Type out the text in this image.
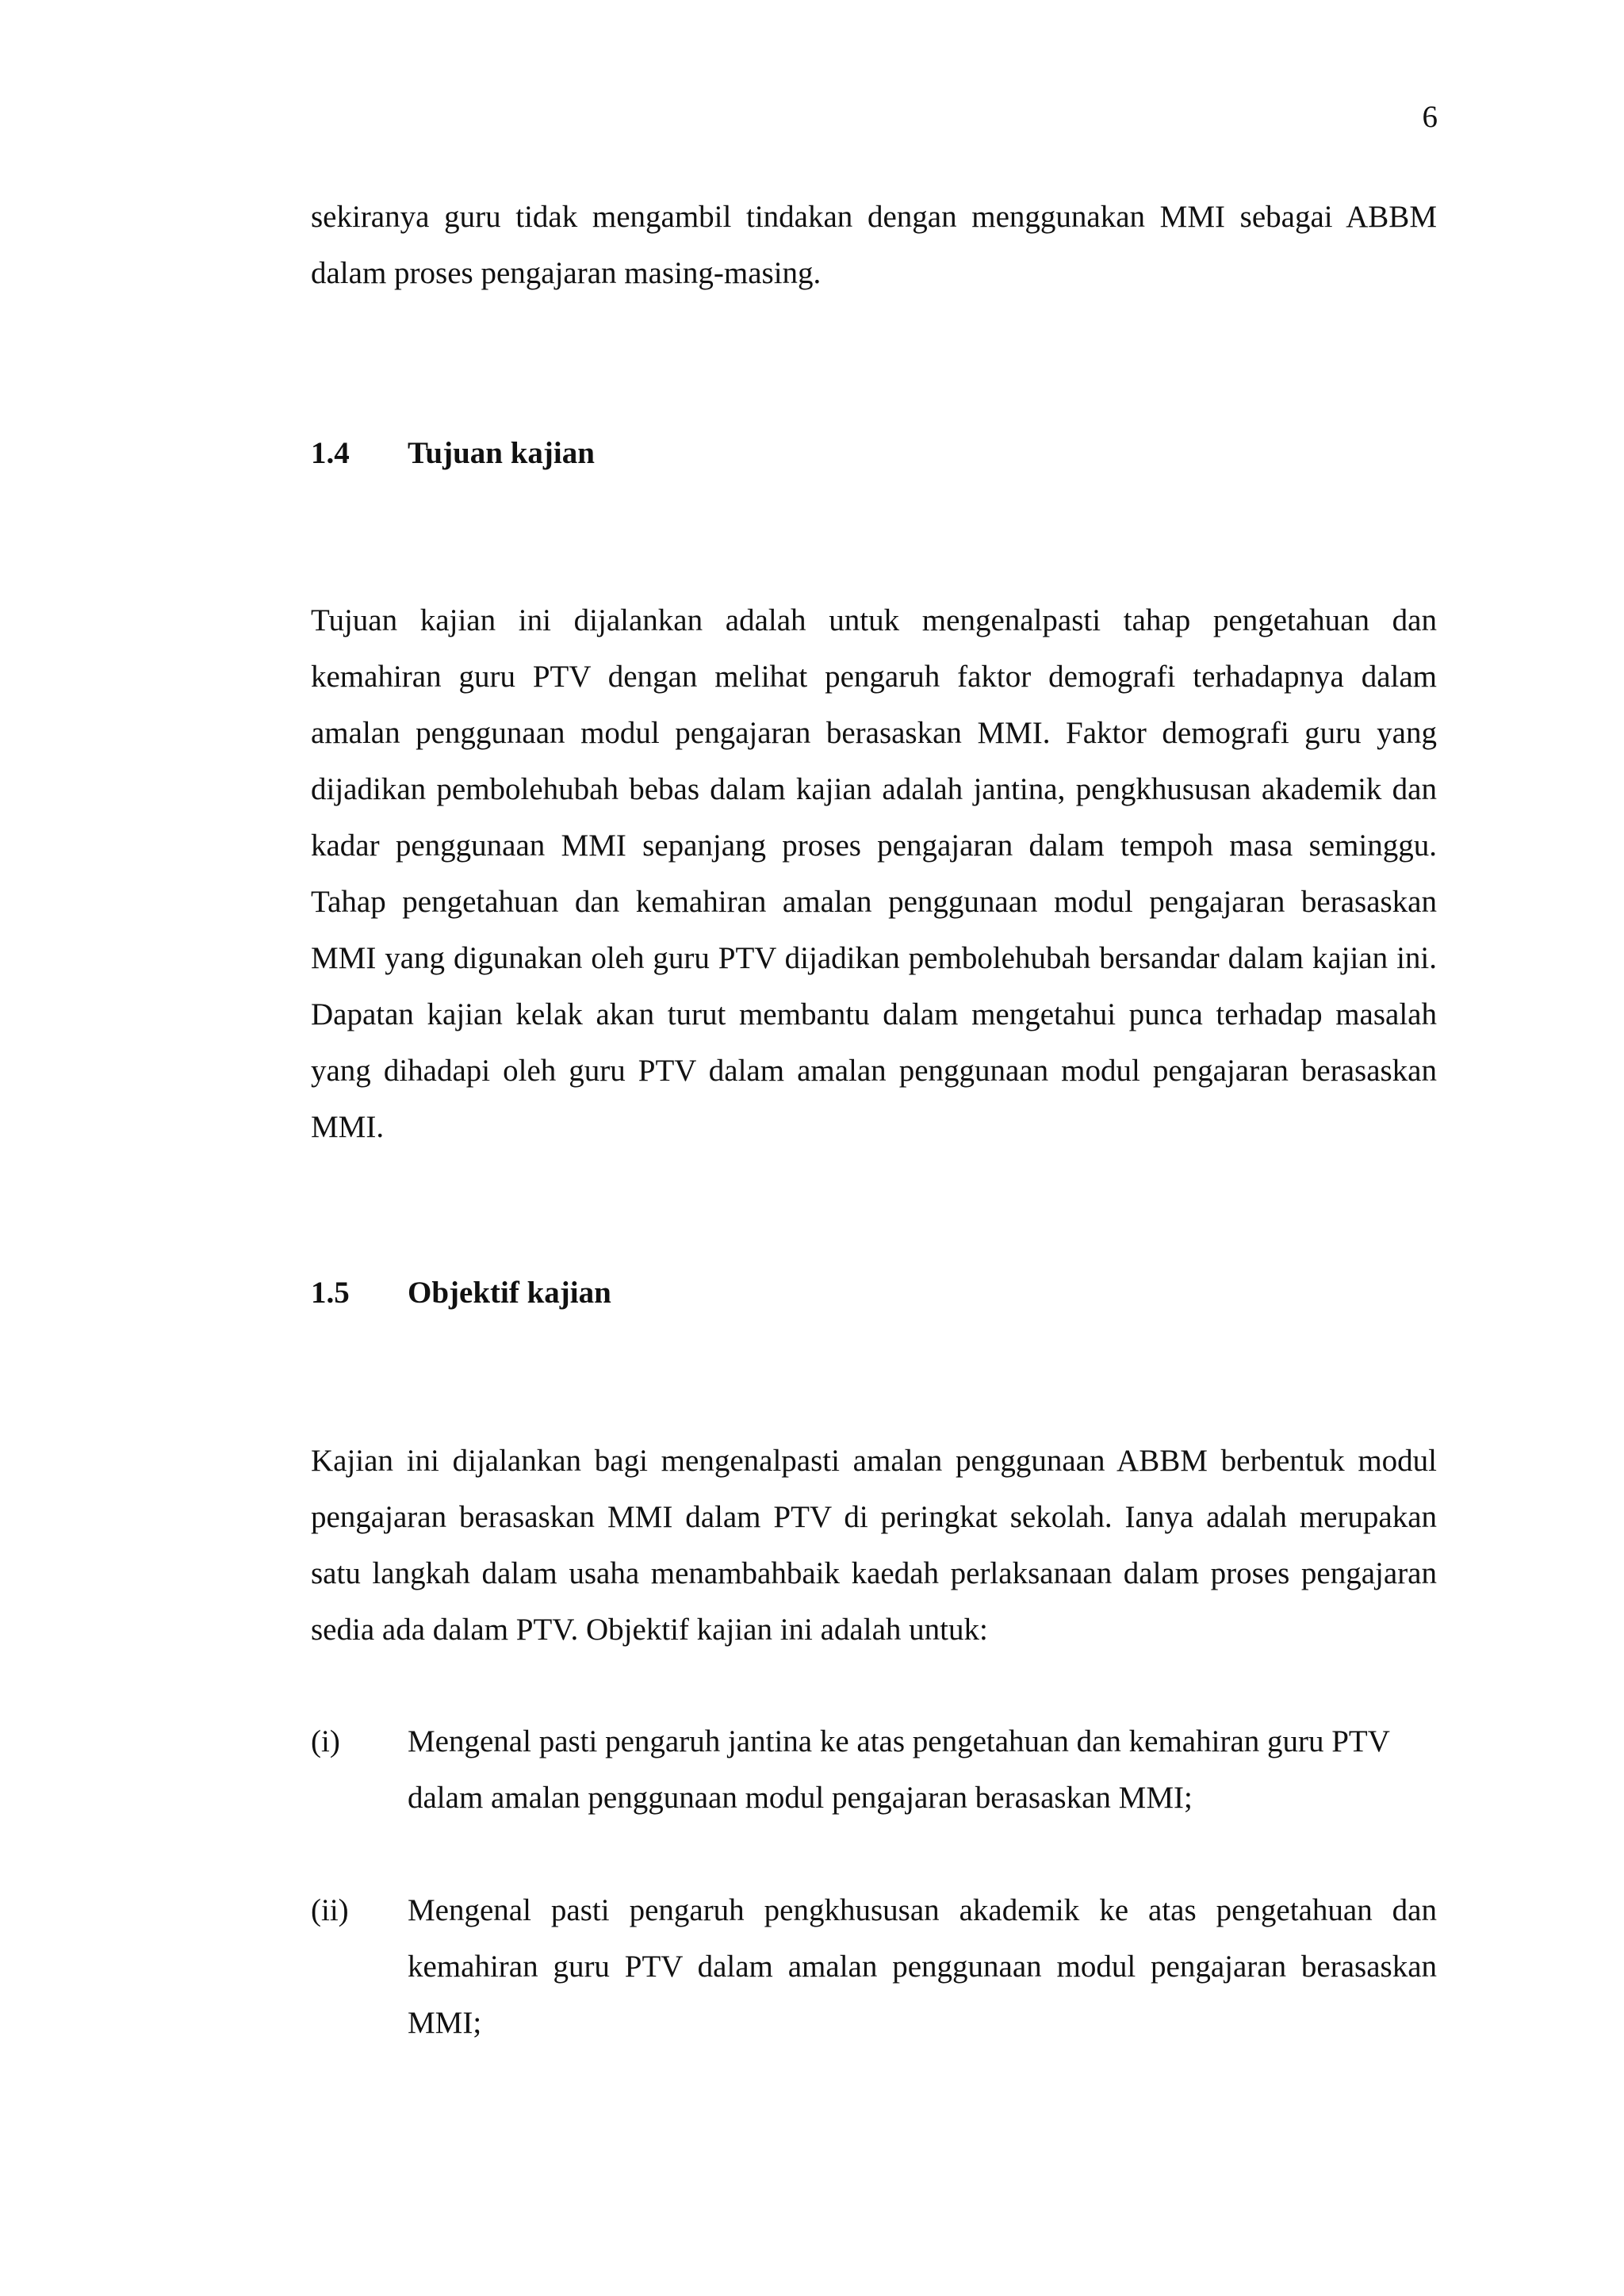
6

sekiranya guru tidak mengambil tindakan dengan menggunakan MMI sebagai ABBM dalam proses pengajaran masing-masing.

1.4	Tujuan kajian

Tujuan kajian ini dijalankan adalah untuk mengenalpasti tahap pengetahuan dan kemahiran guru PTV dengan melihat pengaruh faktor demografi terhadapnya dalam amalan penggunaan modul pengajaran berasaskan MMI. Faktor demografi guru yang dijadikan pembolehubah bebas dalam kajian adalah jantina, pengkhususan akademik dan kadar penggunaan MMI sepanjang proses pengajaran dalam tempoh masa seminggu. Tahap pengetahuan dan kemahiran amalan penggunaan modul pengajaran berasaskan MMI yang digunakan oleh guru PTV dijadikan pembolehubah bersandar dalam kajian ini. Dapatan kajian kelak akan turut membantu dalam mengetahui punca terhadap masalah yang dihadapi oleh guru PTV dalam amalan penggunaan modul pengajaran berasaskan MMI.

1.5	Objektif kajian

Kajian ini dijalankan bagi mengenalpasti amalan penggunaan ABBM berbentuk modul pengajaran berasaskan MMI dalam PTV di peringkat sekolah. Ianya adalah merupakan satu langkah dalam usaha menambahbaik kaedah perlaksanaan dalam proses pengajaran sedia ada dalam PTV. Objektif kajian ini adalah untuk:

(i)	Mengenal pasti pengaruh jantina ke atas pengetahuan dan kemahiran guru PTV dalam amalan penggunaan modul pengajaran berasaskan MMI;
(ii)	Mengenal pasti pengaruh pengkhususan akademik ke atas pengetahuan dan kemahiran guru PTV dalam amalan penggunaan modul pengajaran berasaskan MMI;
